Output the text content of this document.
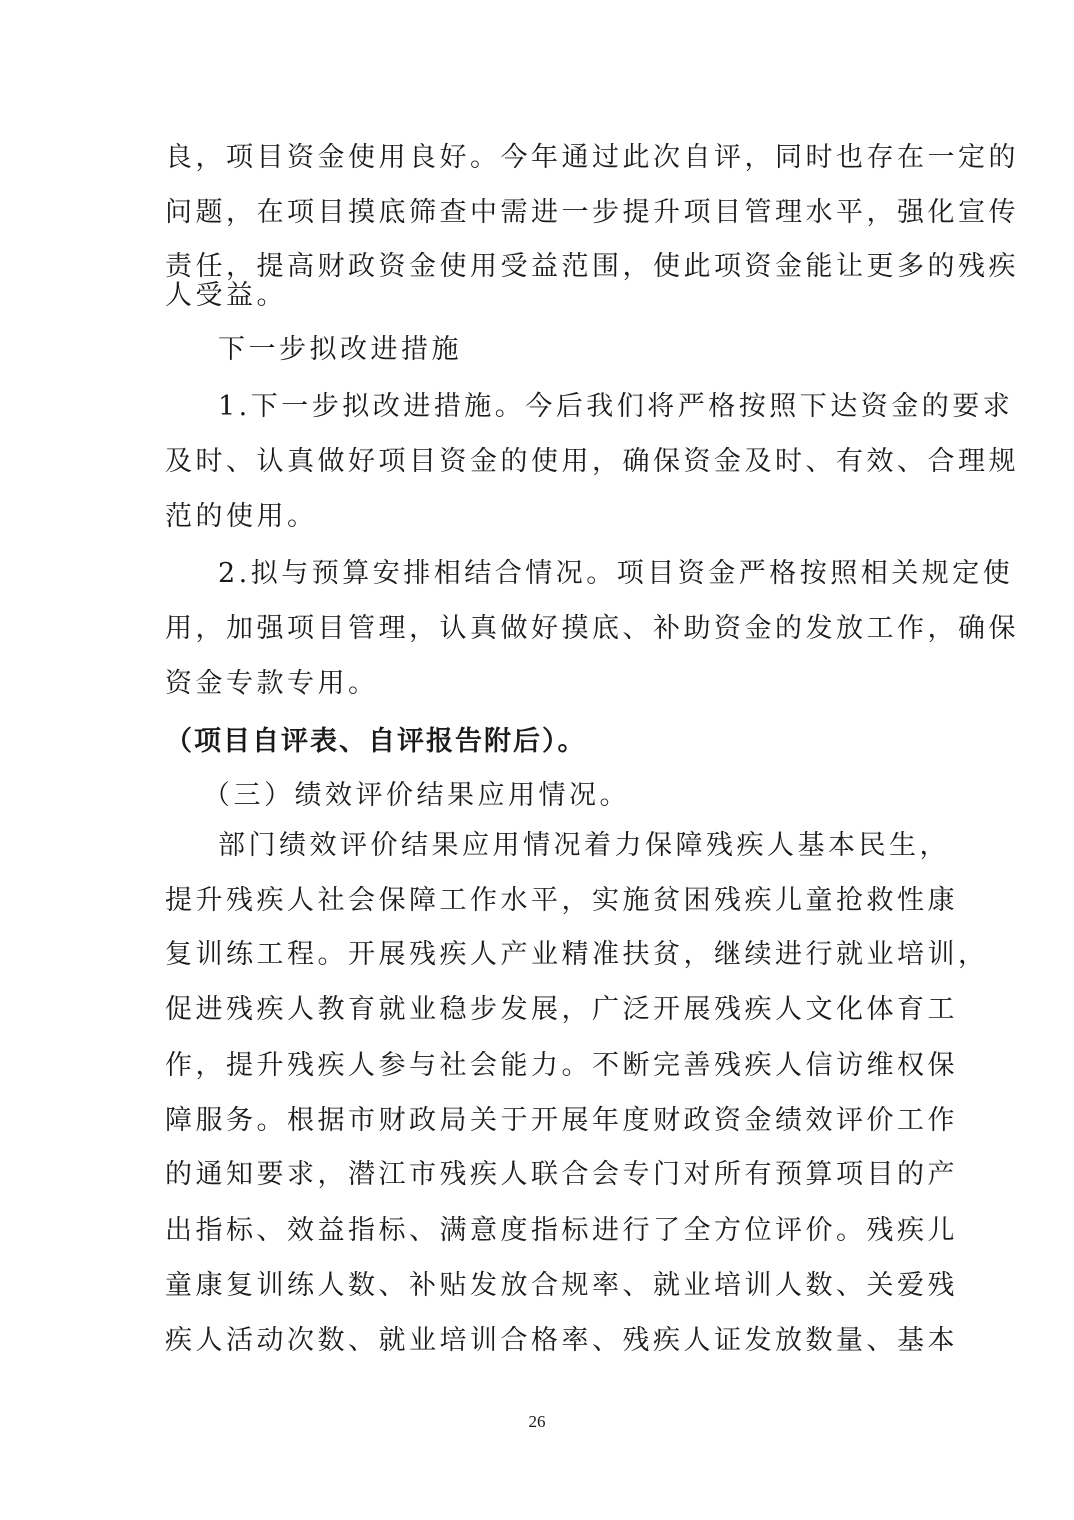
良，项目资金使用良好。今年通过此次自评，同时也存在一定的

问题，在项目摸底筛查中需进一步提升项目管理水平，强化宣传

责任，提高财政资金使用受益范围，使此项资金能让更多的残疾

人受益。

下一步拟改进措施

1.下一步拟改进措施。今后我们将严格按照下达资金的要求

及时、认真做好项目资金的使用，确保资金及时、有效、合理规

范的使用。

2.拟与预算安排相结合情况。项目资金严格按照相关规定使

用，加强项目管理，认真做好摸底、补助资金的发放工作，确保

资金专款专用。

（项目自评表、自评报告附后）。

（三）绩效评价结果应用情况。

部门绩效评价结果应用情况着力保障残疾人基本民生，

提升残疾人社会保障工作水平，实施贫困残疾儿童抢救性康

复训练工程。开展残疾人产业精准扶贫，继续进行就业培训，

促进残疾人教育就业稳步发展，广泛开展残疾人文化体育工

作，提升残疾人参与社会能力。不断完善残疾人信访维权保

障服务。根据市财政局关于开展年度财政资金绩效评价工作

的通知要求，潜江市残疾人联合会专门对所有预算项目的产

出指标、效益指标、满意度指标进行了全方位评价。残疾儿

童康复训练人数、补贴发放合规率、就业培训人数、关爱残

疾人活动次数、就业培训合格率、残疾人证发放数量、基本

26
